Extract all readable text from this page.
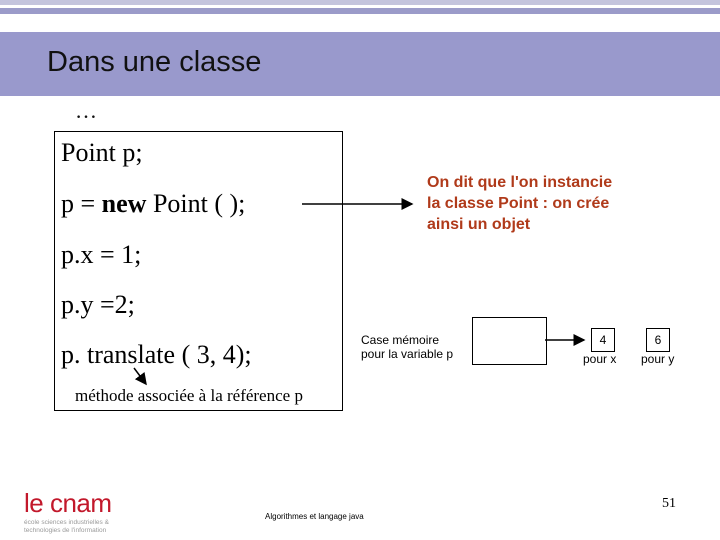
Dans une classe
…
Point p;
p = new Point ( );
p.x = 1;
p.y =2;
p. translate ( 3, 4);
méthode associée à la référence p
On dit que l'on instancie
la classe Point : on crée
ainsi un objet
Case mémoire
pour la variable p
4
pour x
6
pour y
51
Algorithmes et langage java
le cnam
école sciences industrielles &
technologies de l'information
